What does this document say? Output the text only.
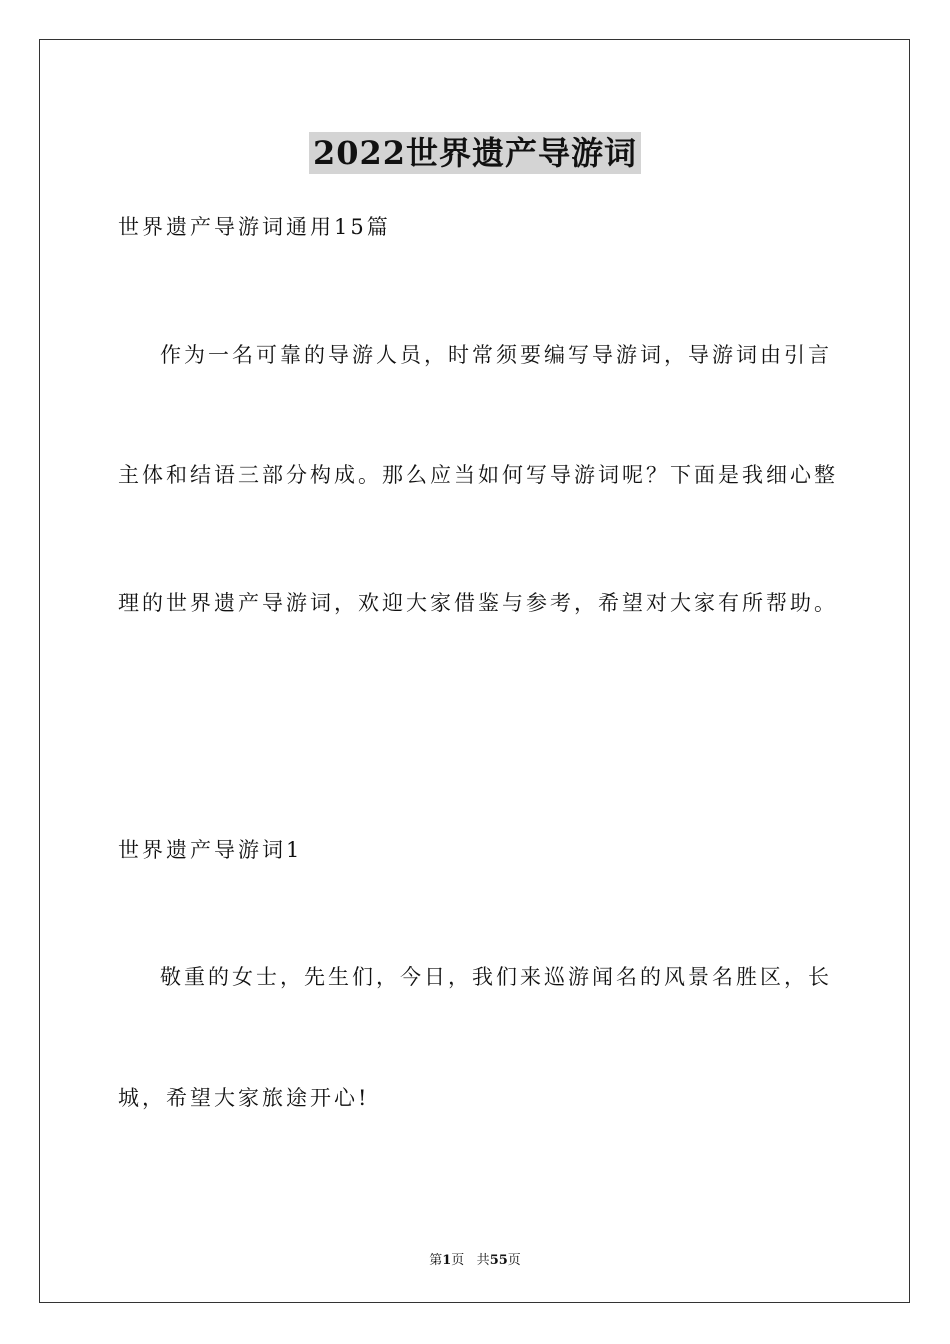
2022世界遗产导游词
世界遗产导游词通用15篇
作为一名可靠的导游人员，时常须要编写导游词，导游词由引言
主体和结语三部分构成。那么应当如何写导游词呢？下面是我细心整
理的世界遗产导游词，欢迎大家借鉴与参考，希望对大家有所帮助。
世界遗产导游词1
敬重的女士，先生们，今日，我们来巡游闻名的风景名胜区，长
城，希望大家旅途开心!
第1页 共55页
